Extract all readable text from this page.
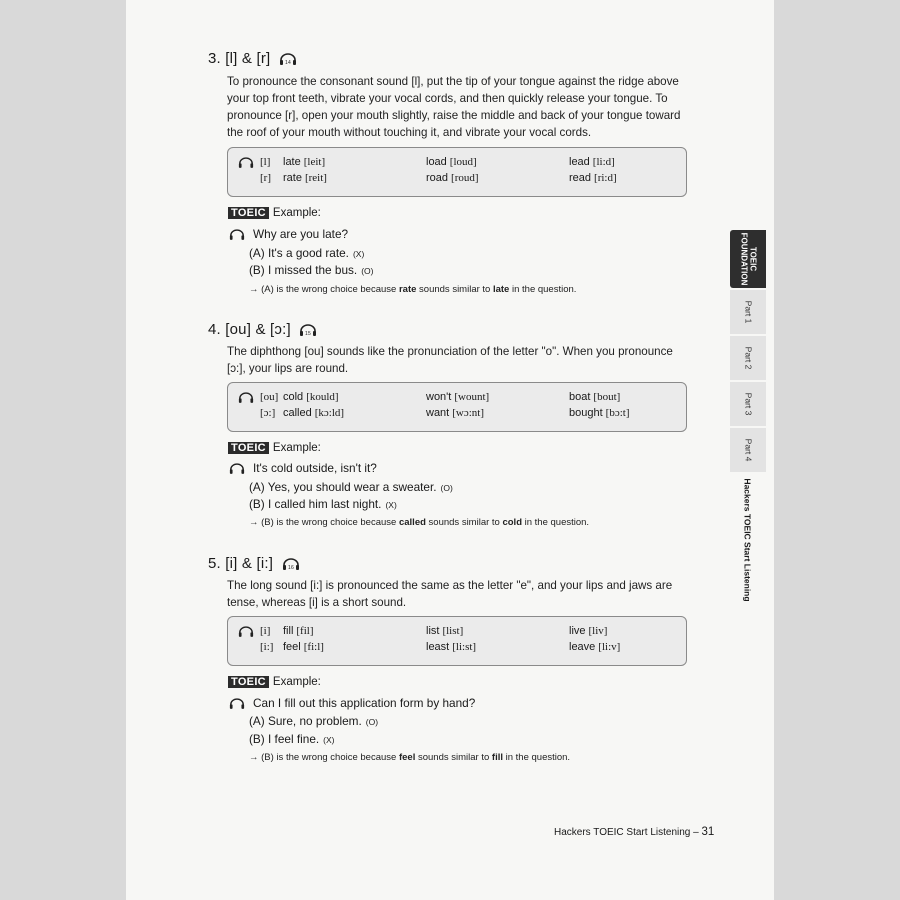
3. [l] & [r]	14
To pronounce the consonant sound [l], put the tip of your tongue against the ridge above your top front teeth, vibrate your vocal cords, and then quickly release your tongue. To pronounce [r], open your mouth slightly, raise the middle and back of your tongue toward the roof of your mouth without touching it, and vibrate your vocal cords.
[l] late [leit]	load [loud]	lead [li:d]
[r] rate [reit]	road [roud]	read [ri:d]
TOEIC Example:
Why are you late?
(A) It's a good rate. (X)
(B) I missed the bus. (O)
→ (A) is the wrong choice because rate sounds similar to late in the question.
4. [ou] & [ɔ:]	15
The diphthong [ou] sounds like the pronunciation of the letter "o". When you pronounce [ɔ:], your lips are round.
[ou] cold [kould]	won't [wount]	boat [bout]
[ɔ:] called [kɔ:ld]	want [wɔ:nt]	bought [bɔ:t]
TOEIC Example:
It's cold outside, isn't it?
(A) Yes, you should wear a sweater. (O)
(B) I called him last night. (X)
→ (B) is the wrong choice because called sounds similar to cold in the question.
5. [i] & [i:]	16
The long sound [i:] is pronounced the same as the letter "e", and your lips and jaws are tense, whereas [i] is a short sound.
[i] fill [fil]	list [list]	live [liv]
[i:] feel [fi:l]	least [li:st]	leave [li:v]
TOEIC Example:
Can I fill out this application form by hand?
(A) Sure, no problem. (O)
(B) I feel fine. (X)
→ (B) is the wrong choice because feel sounds similar to fill in the question.
TOEIC
FOUNDATION
Part 1
Part 2
Part 3
Part 4
Hackers TOEIC Start Listening
Hackers TOEIC Start Listening – 31
